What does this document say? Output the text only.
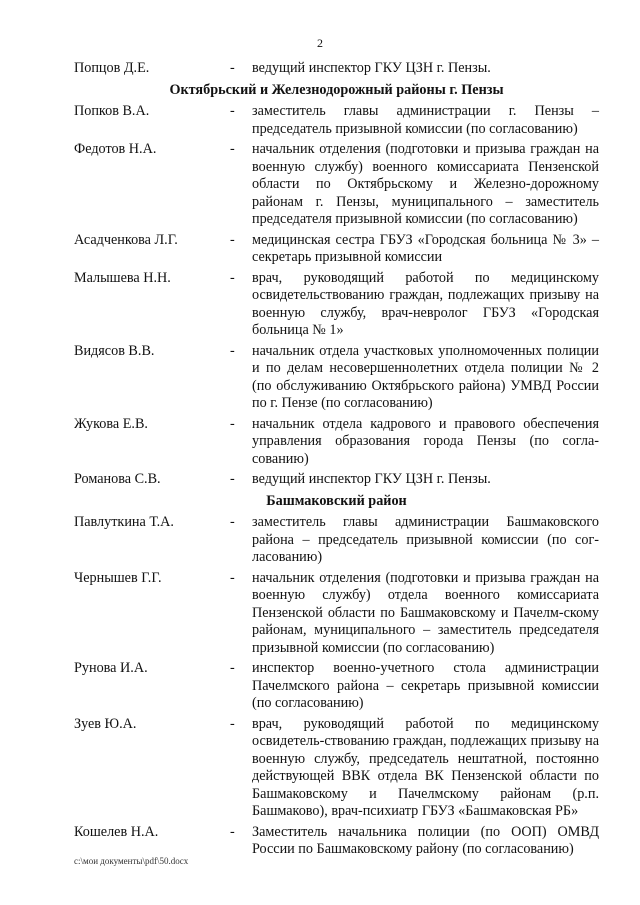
2
Попцов Д.Е.	-	ведущий инспектор ГКУ ЦЗН г. Пензы.
Октябрьский и Железнодорожный районы г. Пензы
Попков В.А.	-	заместитель главы администрации г. Пензы – председатель призывной комиссии (по согласованию)
Федотов Н.А.	-	начальник отделения (подготовки и призыва граждан на военную службу) военного комиссариата Пензенской области по Октябрьскому и Железно-дорожному районам г. Пензы, муниципального – заместитель председателя призывной комиссии (по согласованию)
Асадченкова Л.Г.	-	медицинская сестра ГБУЗ «Городская больница № 3» – секретарь призывной комиссии
Малышева Н.Н.	-	врач, руководящий работой по медицинскому освидетельствованию граждан, подлежащих призыву на военную службу, врач-невролог ГБУЗ «Городская больница № 1»
Видясов В.В.	-	начальник отдела участковых уполномоченных полиции и по делам несовершеннолетних отдела полиции № 2 (по обслуживанию Октябрьского района) УМВД России по г. Пензе (по согласованию)
Жукова Е.В.	-	начальник отдела кадрового и правового обеспечения управления образования города Пензы (по согла-сованию)
Романова С.В.	-	ведущий инспектор ГКУ ЦЗН г. Пензы.
Башмаковский район
Павлуткина Т.А.	-	заместитель главы администрации Башмаковского района – председатель призывной комиссии (по сог-ласованию)
Чернышев Г.Г.	-	начальник отделения (подготовки и призыва граждан на военную службу) отдела военного комиссариата Пензенской области по Башмаковскому и Пачелм-скому районам, муниципального – заместитель председателя призывной комиссии (по согласованию)
Рунова И.А.	-	инспектор военно-учетного стола администрации Пачелмского района – секретарь призывной комиссии (по согласованию)
Зуев Ю.А.	-	врач, руководящий работой по медицинскому освидетель-ствованию граждан, подлежащих призыву на военную службу, председатель нештатной, постоянно действующей ВВК отдела ВК Пензенской области по Башмаковскому и Пачелмскому районам (р.п. Башмаково), врач-психиатр ГБУЗ «Башмаковская РБ»
Кошелев Н.А.	-	Заместитель начальника полиции (по ООП) ОМВД России по Башмаковскому району (по согласованию)
c:\мои документы\pdf\50.docx
